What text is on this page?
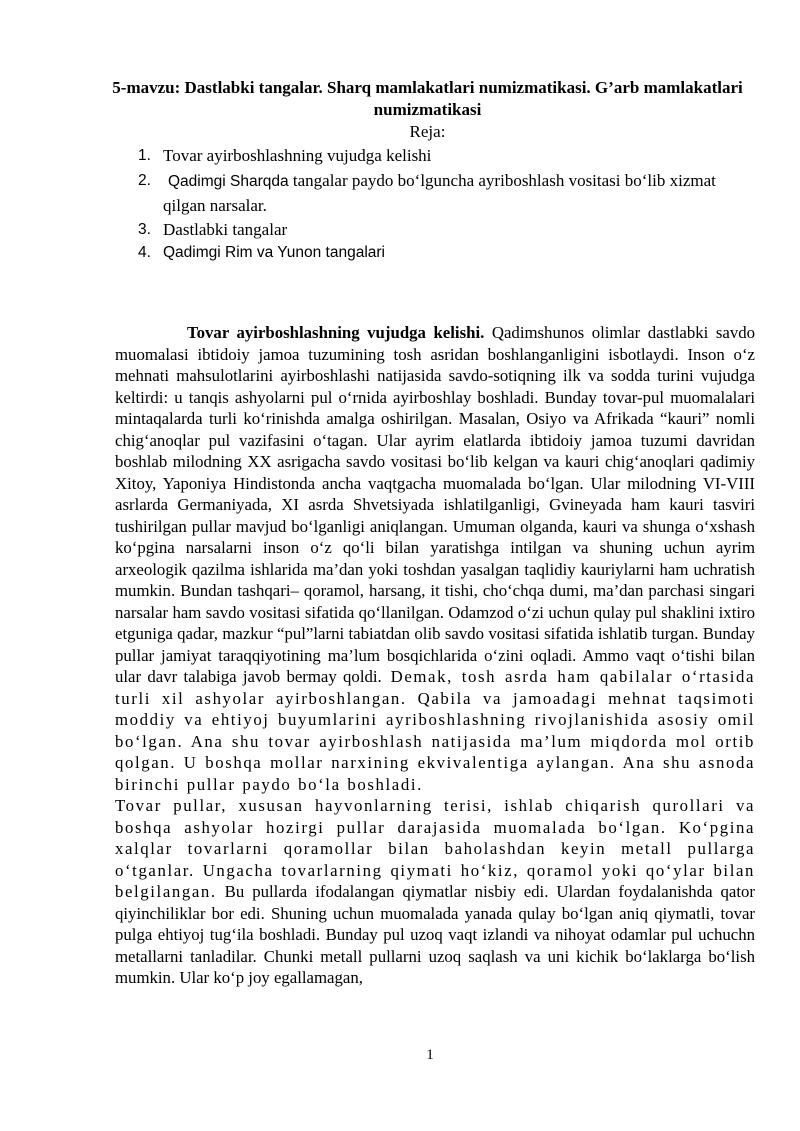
5-mavzu: Dastlabki tangalar. Sharq mamlakatlari numizmatikasi. G’arb mamlakatlari numizmatikasi
Reja:
1. Tovar ayirboshlashning vujudga kelishi
2.	Qadimgi Sharqda tangalar paydo bo‘lguncha ayriboshlash vositasi bo‘lib xizmat qilgan narsalar.
3. Dastlabki tangalar
4. Qadimgi Rim va Yunon tangalari

Tovar ayirboshlashning vujudga kelishi. Qadimshunos olimlar dastlabki savdo muomalasi ibtidoiy jamoa tuzumining tosh asridan boshlanganligini isbotlaydi. Inson o‘z mehnati mahsulotlarini ayirboshlashi natijasida savdo-sotiqning ilk va sodda turini vujudga keltirdi: u tanqis ashyolarni pul o‘rnida ayirboshlay boshladi. Bunday tovar-pul muomalalari mintaqalarda turli ko‘rinishda amalga oshirilgan. Masalan, Osiyo va Afrikada “kauri” nomli chig‘anoqlar pul vazifasini o‘tagan. Ular ayrim elatlarda ibtidoiy jamoa tuzumi davridan boshlab milodning XX asrigacha savdo vositasi bo‘lib kelgan va kauri chig‘anoqlari qadimiy Xitoy, Yaponiya Hindistonda ancha vaqtgacha muomalada bo‘lgan. Ular milodning VI-VIII asrlarda Germaniyada, XI asrda Shvetsiyada ishlatilganligi, Gvineyada ham kauri tasviri tushirilgan pullar mavjud bo‘lganligi aniqlangan. Umuman olganda, kauri va shunga o‘xshash ko‘pgina narsalarni inson o‘z qo‘li bilan yaratishga intilgan va shuning uchun ayrim arxeologik qazilma ishlarida ma’dan yoki toshdan yasalgan taqlidiy kauriylarni ham uchratish mumkin. Bundan tashqari– qoramol, harsang, it tishi, cho‘chqa dumi, ma’dan parchasi singari narsalar ham savdo vositasi sifatida qo‘llanilgan. Odamzod o‘zi uchun qulay pul shaklini ixtiro etguniga qadar, mazkur “pul”larni tabiatdan olib savdo vositasi sifatida ishlatib turgan. Bunday pullar jamiyat taraqqiyotining ma’lum bosqichlarida o‘zini oqladi. Ammo vaqt o‘tishi bilan ular davr talabiga javob bermay qoldi. Demak, tosh asrda ham qabilalar o‘rtasida turli xil ashyolar ayirboshlangan. Qabila va jamoadagi mehnat taqsimoti moddiy va ehtiyoj buyumlarini ayriboshlashning rivojlanishida asosiy omil bo‘lgan. Ana shu tovar ayirboshlash natijasida ma’lum miqdorda mol ortib qolgan. U boshqa mollar narxining ekvivalentiga aylangan. Ana shu asnoda birinchi pullar paydo bo‘la boshladi.

Tovar pullar, xususan hayvonlarning terisi, ishlab chiqarish qurollari va boshqa ashyolar hozirgi pullar darajasida muomalada bo‘lgan. Ko‘pgina xalqlar tovarlarni qoramollar bilan baholashdan keyin metall pullarga o‘tganlar. Ungacha tovarlarning qiymati ho‘kiz, qoramol yoki qo‘ylar bilan belgilangan. Bu pullarda ifodalangan qiymatlar nisbiy edi. Ulardan foydalanishda qator qiyinchiliklar bor edi. Shuning uchun muomalada yanada qulay bo‘lgan aniq qiymatli, tovar pulga ehtiyoj tug‘ila boshladi. Bunday pul uzoq vaqt izlandi va nihoyat odamlar pul uchuchn metallarni tanladilar. Chunki metall pullarni uzoq saqlash va uni kichik bo‘laklarga bo‘lish mumkin. Ular ko‘p joy egallamagan,

1
